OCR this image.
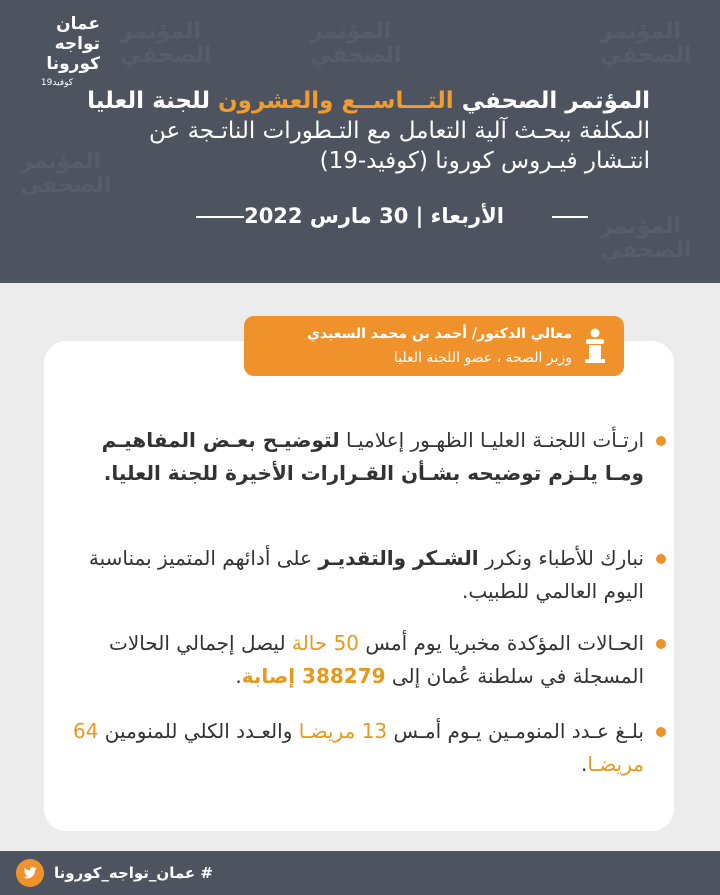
المؤتمر الصحفي
المؤتمر الصحفي
المؤتمر الصحفي
المؤتمر الصحفي
المؤتمر الصحفي
عمان
تواجه
كورونا
كوفيد19
المؤتمر الصحفي التـــاســع والعشرون للجنة العليا المكلفة ببحـث آلية التعامل مع التـطورات الناتـجة عن انتـشار فيـروس كورونا (كوفيد-19)
الأربعاء | 30 مارس 2022
معالي الدكتور/ أحمد بن محمد السعيدي
وزير الصحة ، عضو اللجنة العليا
ارتـأت اللجنـة العليـا الظهـور إعلاميـا لتوضيـح بعـض المفاهيـم ومـا يلـزم توضيحه بشـأن القـرارات الأخيرة للجنة العليا.
نبارك للأطباء ونكرر الشـكر والتقديـر على أدائهم المتميز بمناسبة اليوم العالمي للطبيب.
الحـالات المؤكدة مخبريا يوم أمس 50 حالة ليصل إجمالي الحالات المسجلة في سلطنة عُمان إلى 388279 إصابة.
بلـغ عـدد المنومـين يـوم أمـس 13 مريضـا والعـدد الكلي للمنومين 64 مريضـا.
# عمان_تواجه_كورونا
